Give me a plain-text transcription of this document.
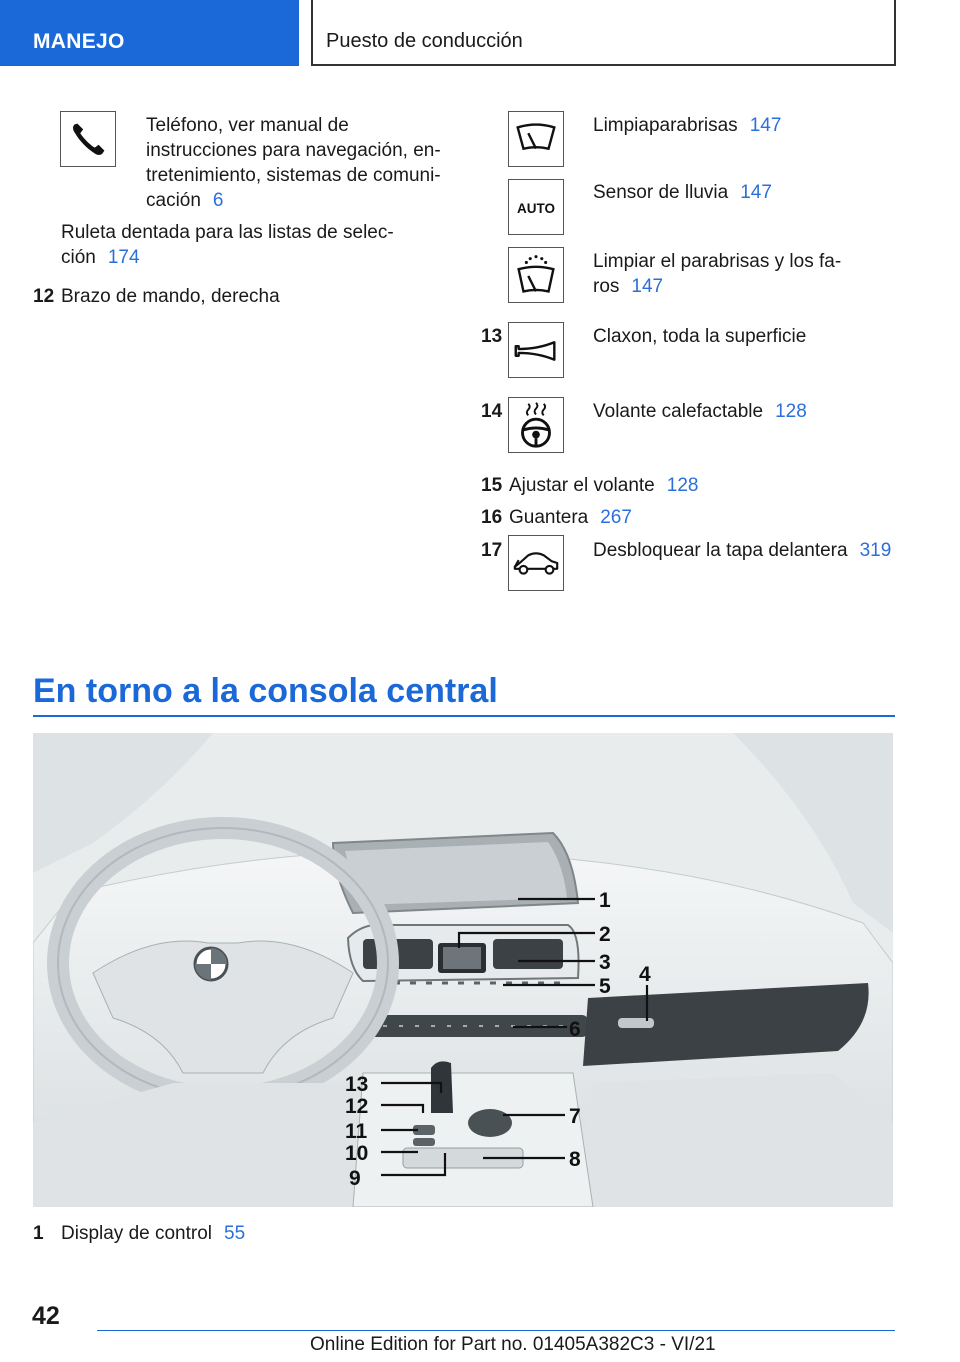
MANEJO	Puesto de conducción
Teléfono, ver manual de
instrucciones para navegación, en-
tretenimiento, sistemas de comuni-
cación 6
Ruleta dentada para las listas de selec-
ción 174
12 Brazo de mando, derecha
Limpiaparabrisas 147
AUTO
Sensor de lluvia 147
Limpiar el parabrisas y los fa-
ros 147
13	Claxon, toda la superficie
14	Volante calefactable 128
15 Ajustar el volante 128
16 Guantera 267
17	Desbloquear la tapa delantera 319
En torno a la consola central
1
2
3
5
4
6
13
12
11
10
9
7
8
1 Display de control 55
42
Online Edition for Part no. 01405A382C3 - VI/21
